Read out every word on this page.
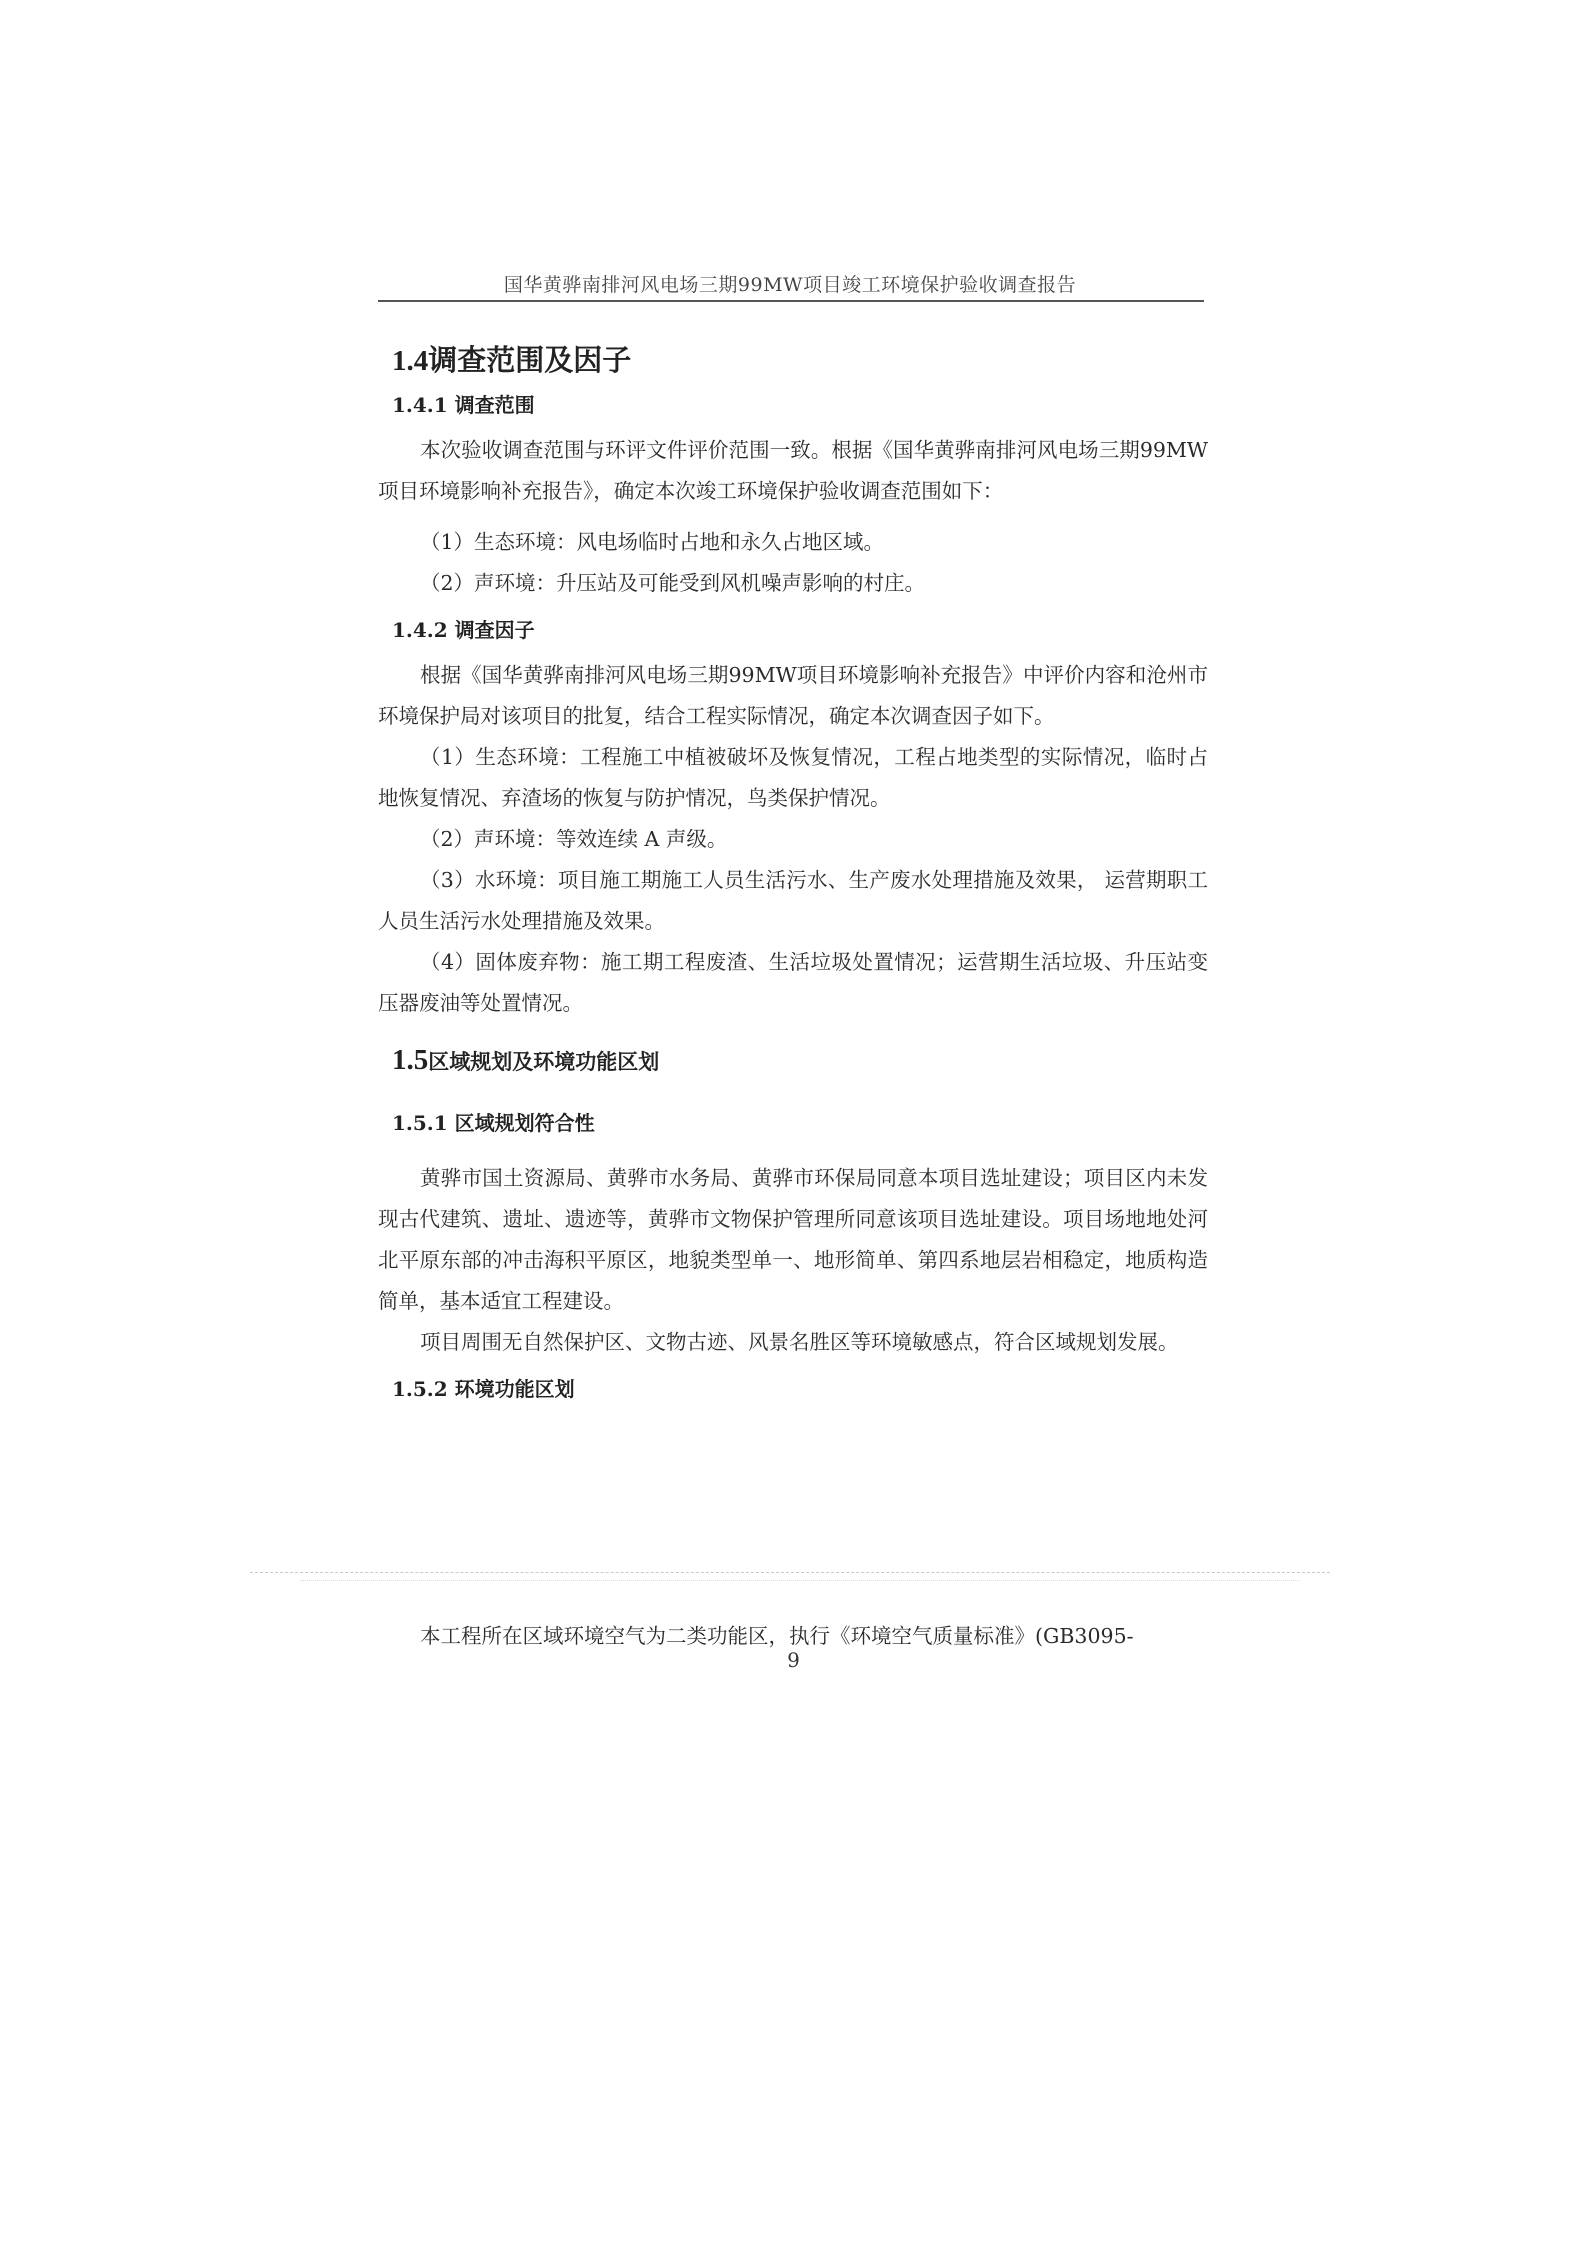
国华黄骅南排河风电场三期99MW项目竣工环境保护验收调查报告
1.4调查范围及因子
1.4.1 调查范围

本次验收调查范围与环评文件评价范围一致。根据《国华黄骅南排河风电场三期99MW项目环境影响补充报告》，确定本次竣工环境保护验收调查范围如下：

（1）生态环境：风电场临时占地和永久占地区域。

（2）声环境：升压站及可能受到风机噪声影响的村庄。

1.4.2 调查因子

根据《国华黄骅南排河风电场三期99MW项目环境影响补充报告》中评价内容和沧州市环境保护局对该项目的批复，结合工程实际情况，确定本次调查因子如下。

（1）生态环境：工程施工中植被破坏及恢复情况，工程占地类型的实际情况，临时占地恢复情况、弃渣场的恢复与防护情况，鸟类保护情况。

（2）声环境：等效连续 A 声级。

（3）水环境：项目施工期施工人员生活污水、生产废水处理措施及效果， 运营期职工人员生活污水处理措施及效果。

（4）固体废弃物：施工期工程废渣、生活垃圾处置情况；运营期生活垃圾、升压站变压器废油等处置情况。

1.5区域规划及环境功能区划
1.5.1 区域规划符合性

黄骅市国土资源局、黄骅市水务局、黄骅市环保局同意本项目选址建设；项目区内未发现古代建筑、遗址、遗迹等，黄骅市文物保护管理所同意该项目选址建设。项目场地地处河北平原东部的冲击海积平原区，地貌类型单一、地形简单、第四系地层岩相稳定，地质构造简单，基本适宜工程建设。

项目周围无自然保护区、文物古迹、风景名胜区等环境敏感点，符合区域规划发展。

1.5.2 环境功能区划

本工程所在区域环境空气为二类功能区，执行《环境空气质量标准》(GB3095-

9
